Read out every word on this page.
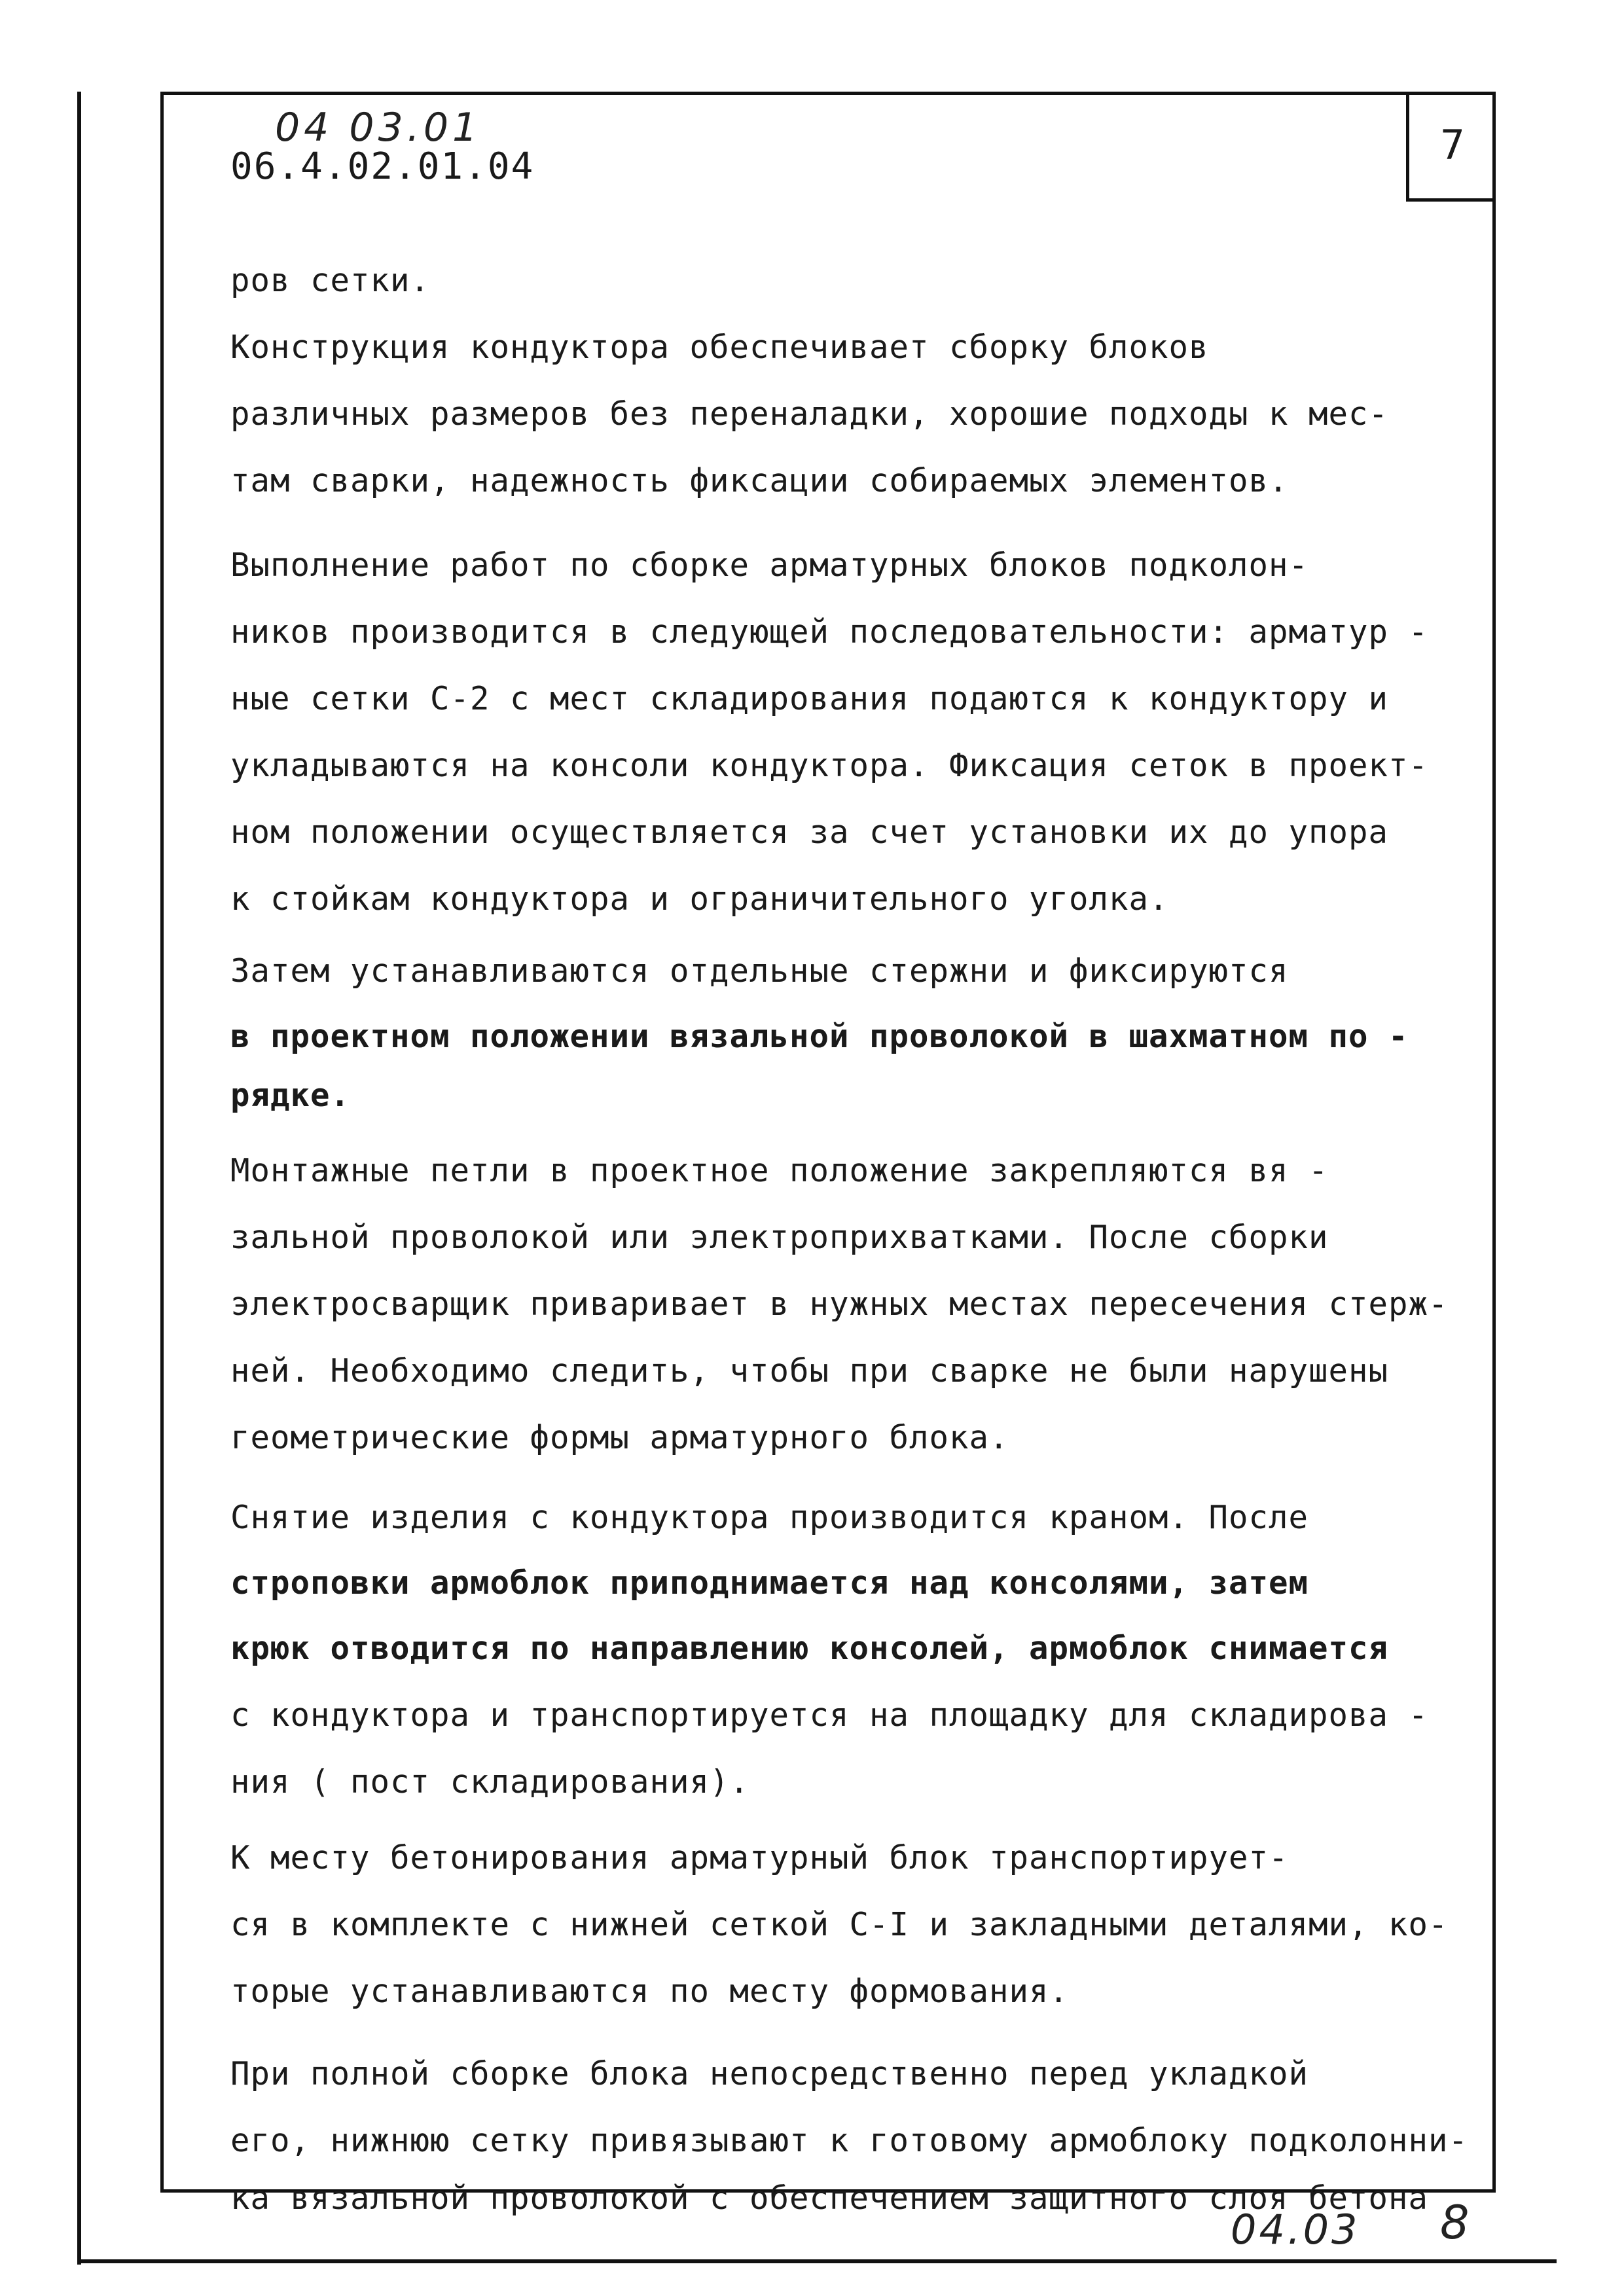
7
04 03.01
06.4.02.01.04
ров сетки.
Конструкция кондуктора обеспечивает сборку блоков
различных размеров без переналадки, хорошие подходы к мес-
там сварки, надежность фиксации собираемых элементов.
Выполнение работ по сборке арматурных блоков подколон-
ников производится в следующей последовательности: арматур -
ные сетки С-2 с мест складирования подаются к кондуктору и
укладываются на консоли кондуктора. Фиксация сеток в проект-
ном положении осуществляется за счет установки их до упора
к стойкам кондуктора и ограничительного уголка.
Затем устанавливаются отдельные стержни и фиксируются
в проектном положении вязальной проволокой в шахматном по -
рядке.
Монтажные петли в проектное положение закрепляются вя -
зальной проволокой или электроприхватками. После сборки
электросварщик приваривает в нужных местах пересечения стерж-
ней. Необходимо следить, чтобы при сварке не были нарушены
геометрические формы арматурного блока.
Снятие изделия с кондуктора производится краном. После
строповки армоблок приподнимается над консолями, затем
крюк отводится по направлению консолей, армоблок снимается
с кондуктора и транспортируется на площадку для складирова -
ния ( пост складирования).
К месту бетонирования арматурный блок транспортирует-
ся в комплекте с нижней сеткой С-I и закладными деталями, ко-
торые устанавливаются по месту формования.
При полной сборке блока непосредственно перед укладкой
его, нижнюю сетку привязывают к готовому армоблоку подколонни-
ка вязальной проволокой с обеспечением защитного слоя бетона
04.03 8
